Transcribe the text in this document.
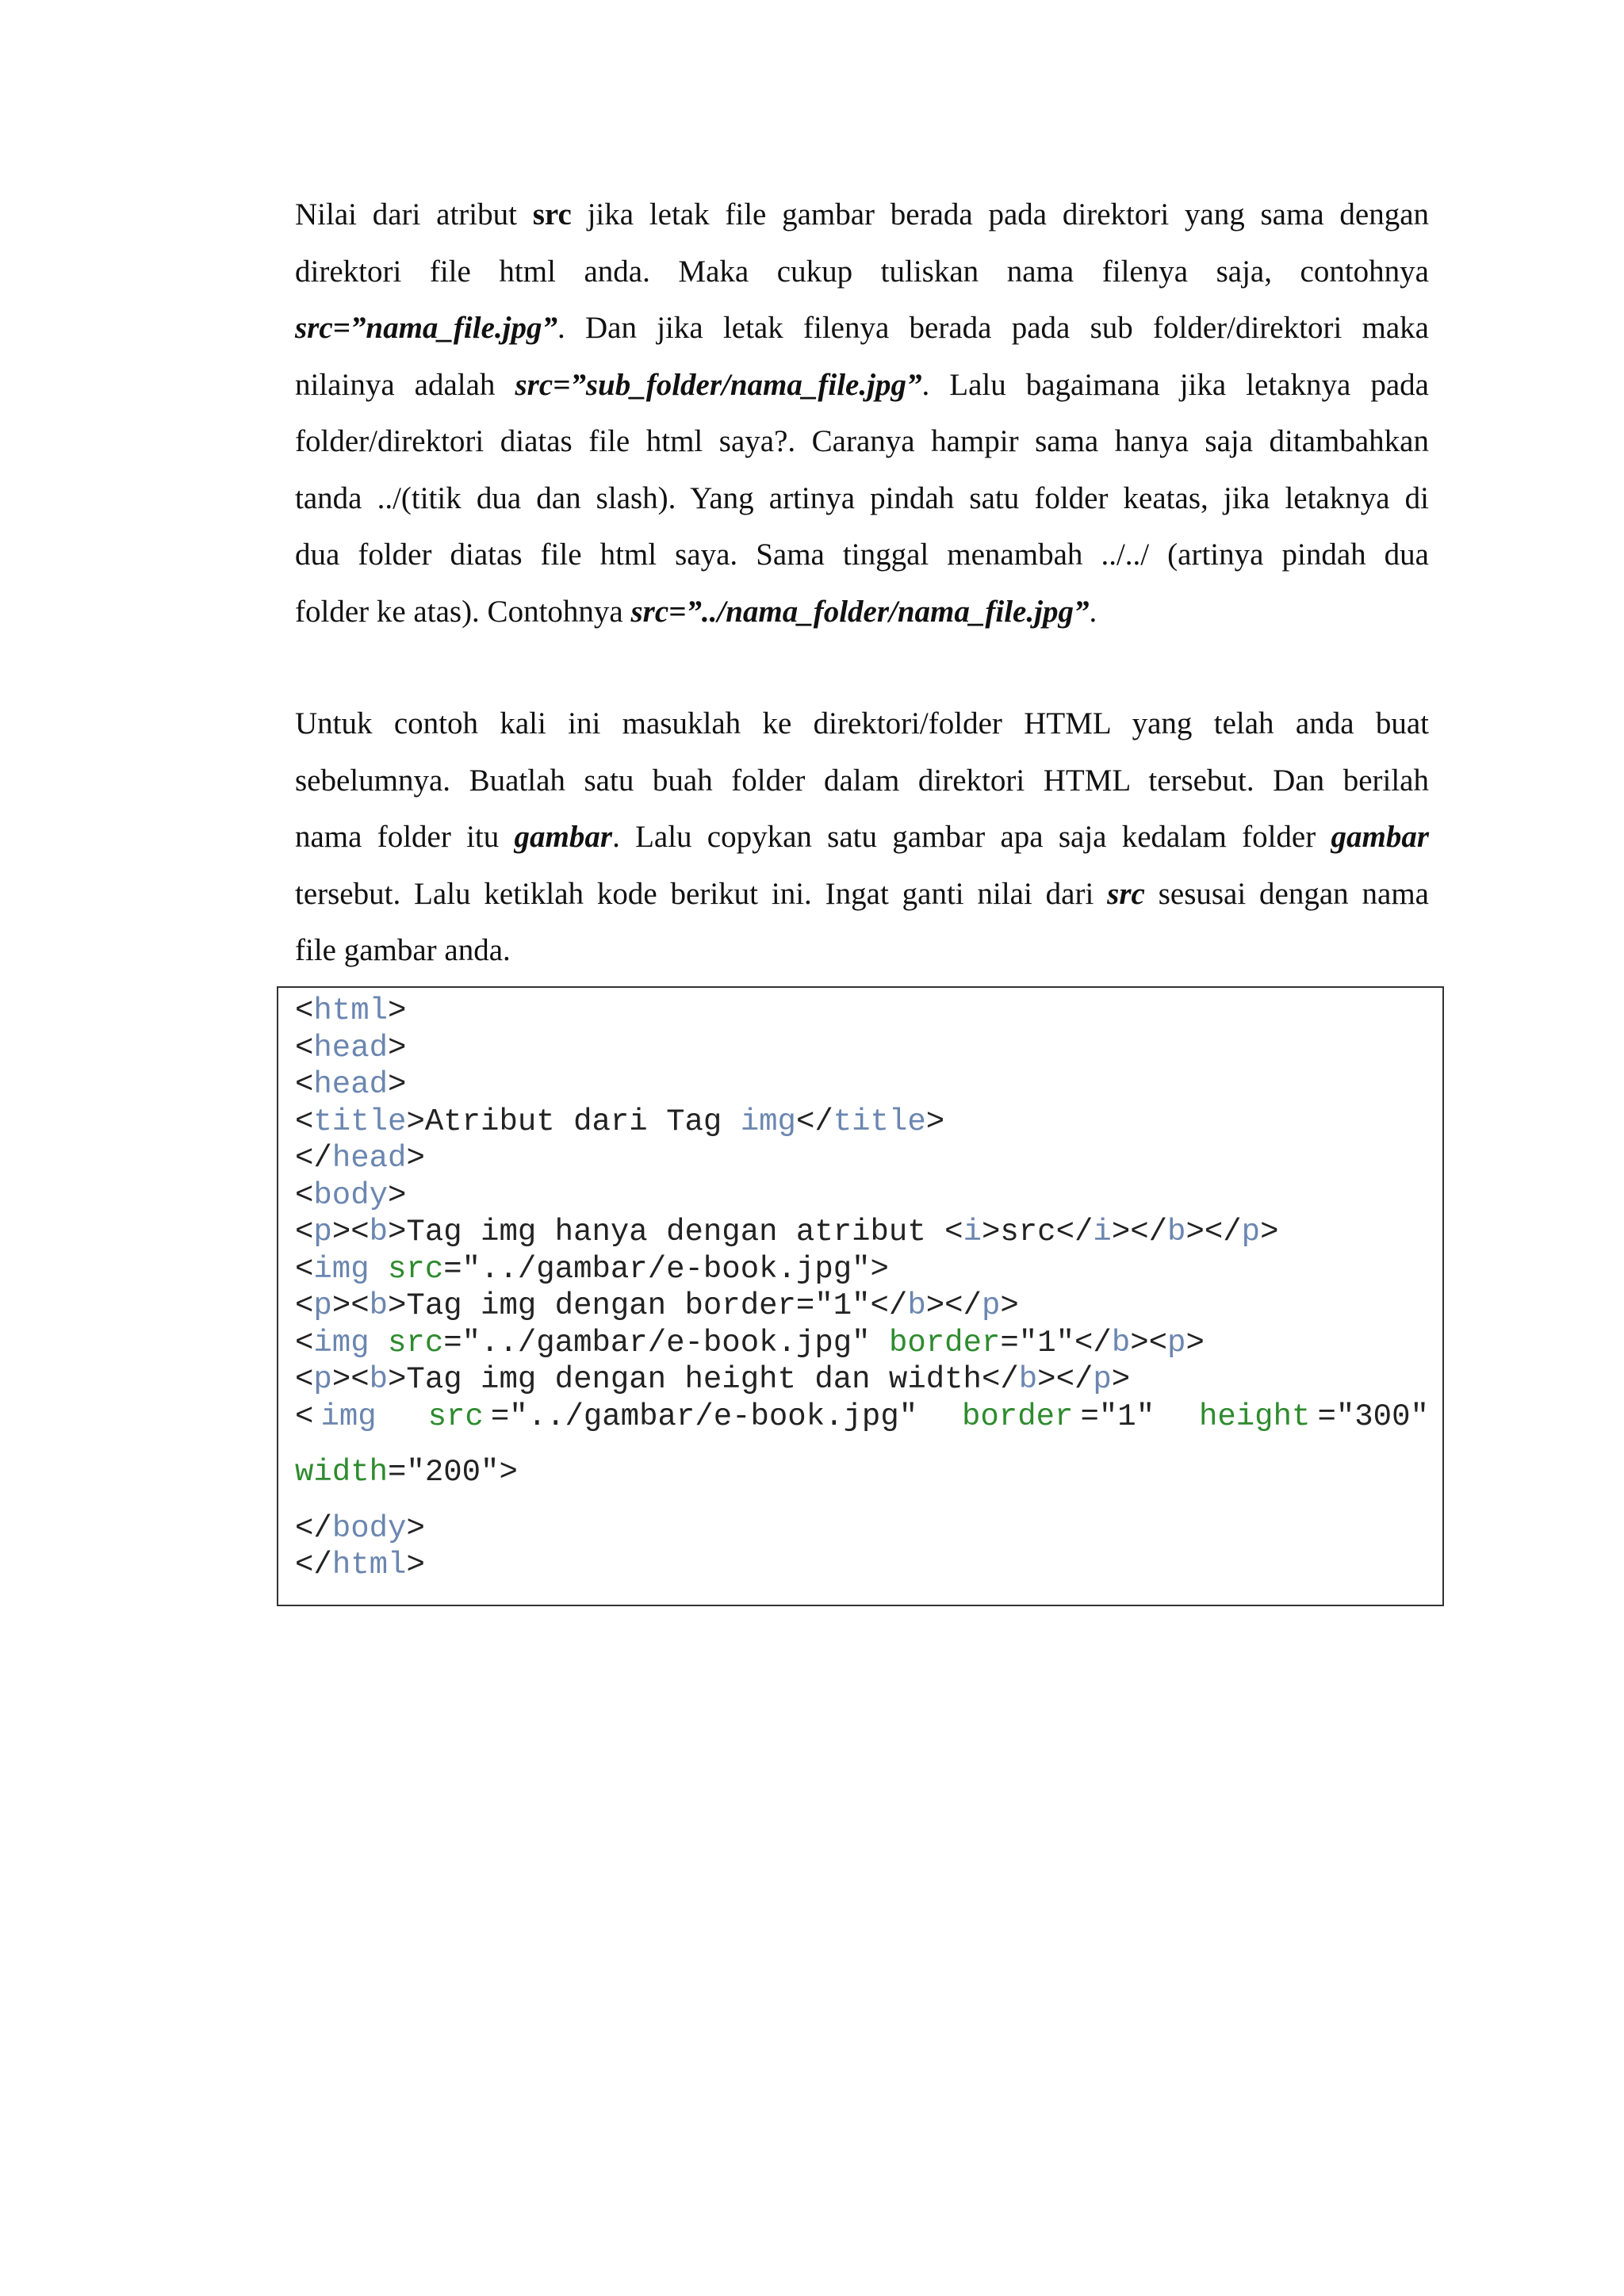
Nilai dari atribut src jika letak file gambar berada pada direktori yang sama dengan
direktori file html anda. Maka cukup tuliskan nama filenya saja, contohnya
src=”nama_file.jpg”. Dan jika letak filenya berada pada sub folder/direktori maka
nilainya adalah src=”sub_folder/nama_file.jpg”. Lalu bagaimana jika letaknya pada
folder/direktori diatas file html saya?. Caranya hampir sama hanya saja ditambahkan
tanda ../(titik dua dan slash). Yang artinya pindah satu folder keatas, jika letaknya di
dua folder diatas file html saya. Sama tinggal menambah ../../ (artinya pindah dua
folder ke atas). Contohnya src=”../nama_folder/nama_file.jpg”.
Untuk contoh kali ini masuklah ke direktori/folder HTML yang telah anda buat
sebelumnya. Buatlah satu buah folder dalam direktori HTML tersebut. Dan berilah
nama folder itu gambar. Lalu copykan satu gambar apa saja kedalam folder gambar
tersebut. Lalu ketiklah kode berikut ini. Ingat ganti nilai dari src sesusai dengan nama
file gambar anda.
<html>
<head>
<head>
<title>Atribut dari Tag img</title>
</head>
<body>
<p><b>Tag img hanya dengan atribut <i>src</i></b></p>
<img src="../gambar/e-book.jpg">
<p><b>Tag img dengan border="1"</b></p>
<img src="../gambar/e-book.jpg" border="1"</b><p>
<p><b>Tag img dengan height dan width</b></p>
< img
src ="../gambar/e-book.jpg" border ="1" height ="300"
width="200">
</body>
</html>
